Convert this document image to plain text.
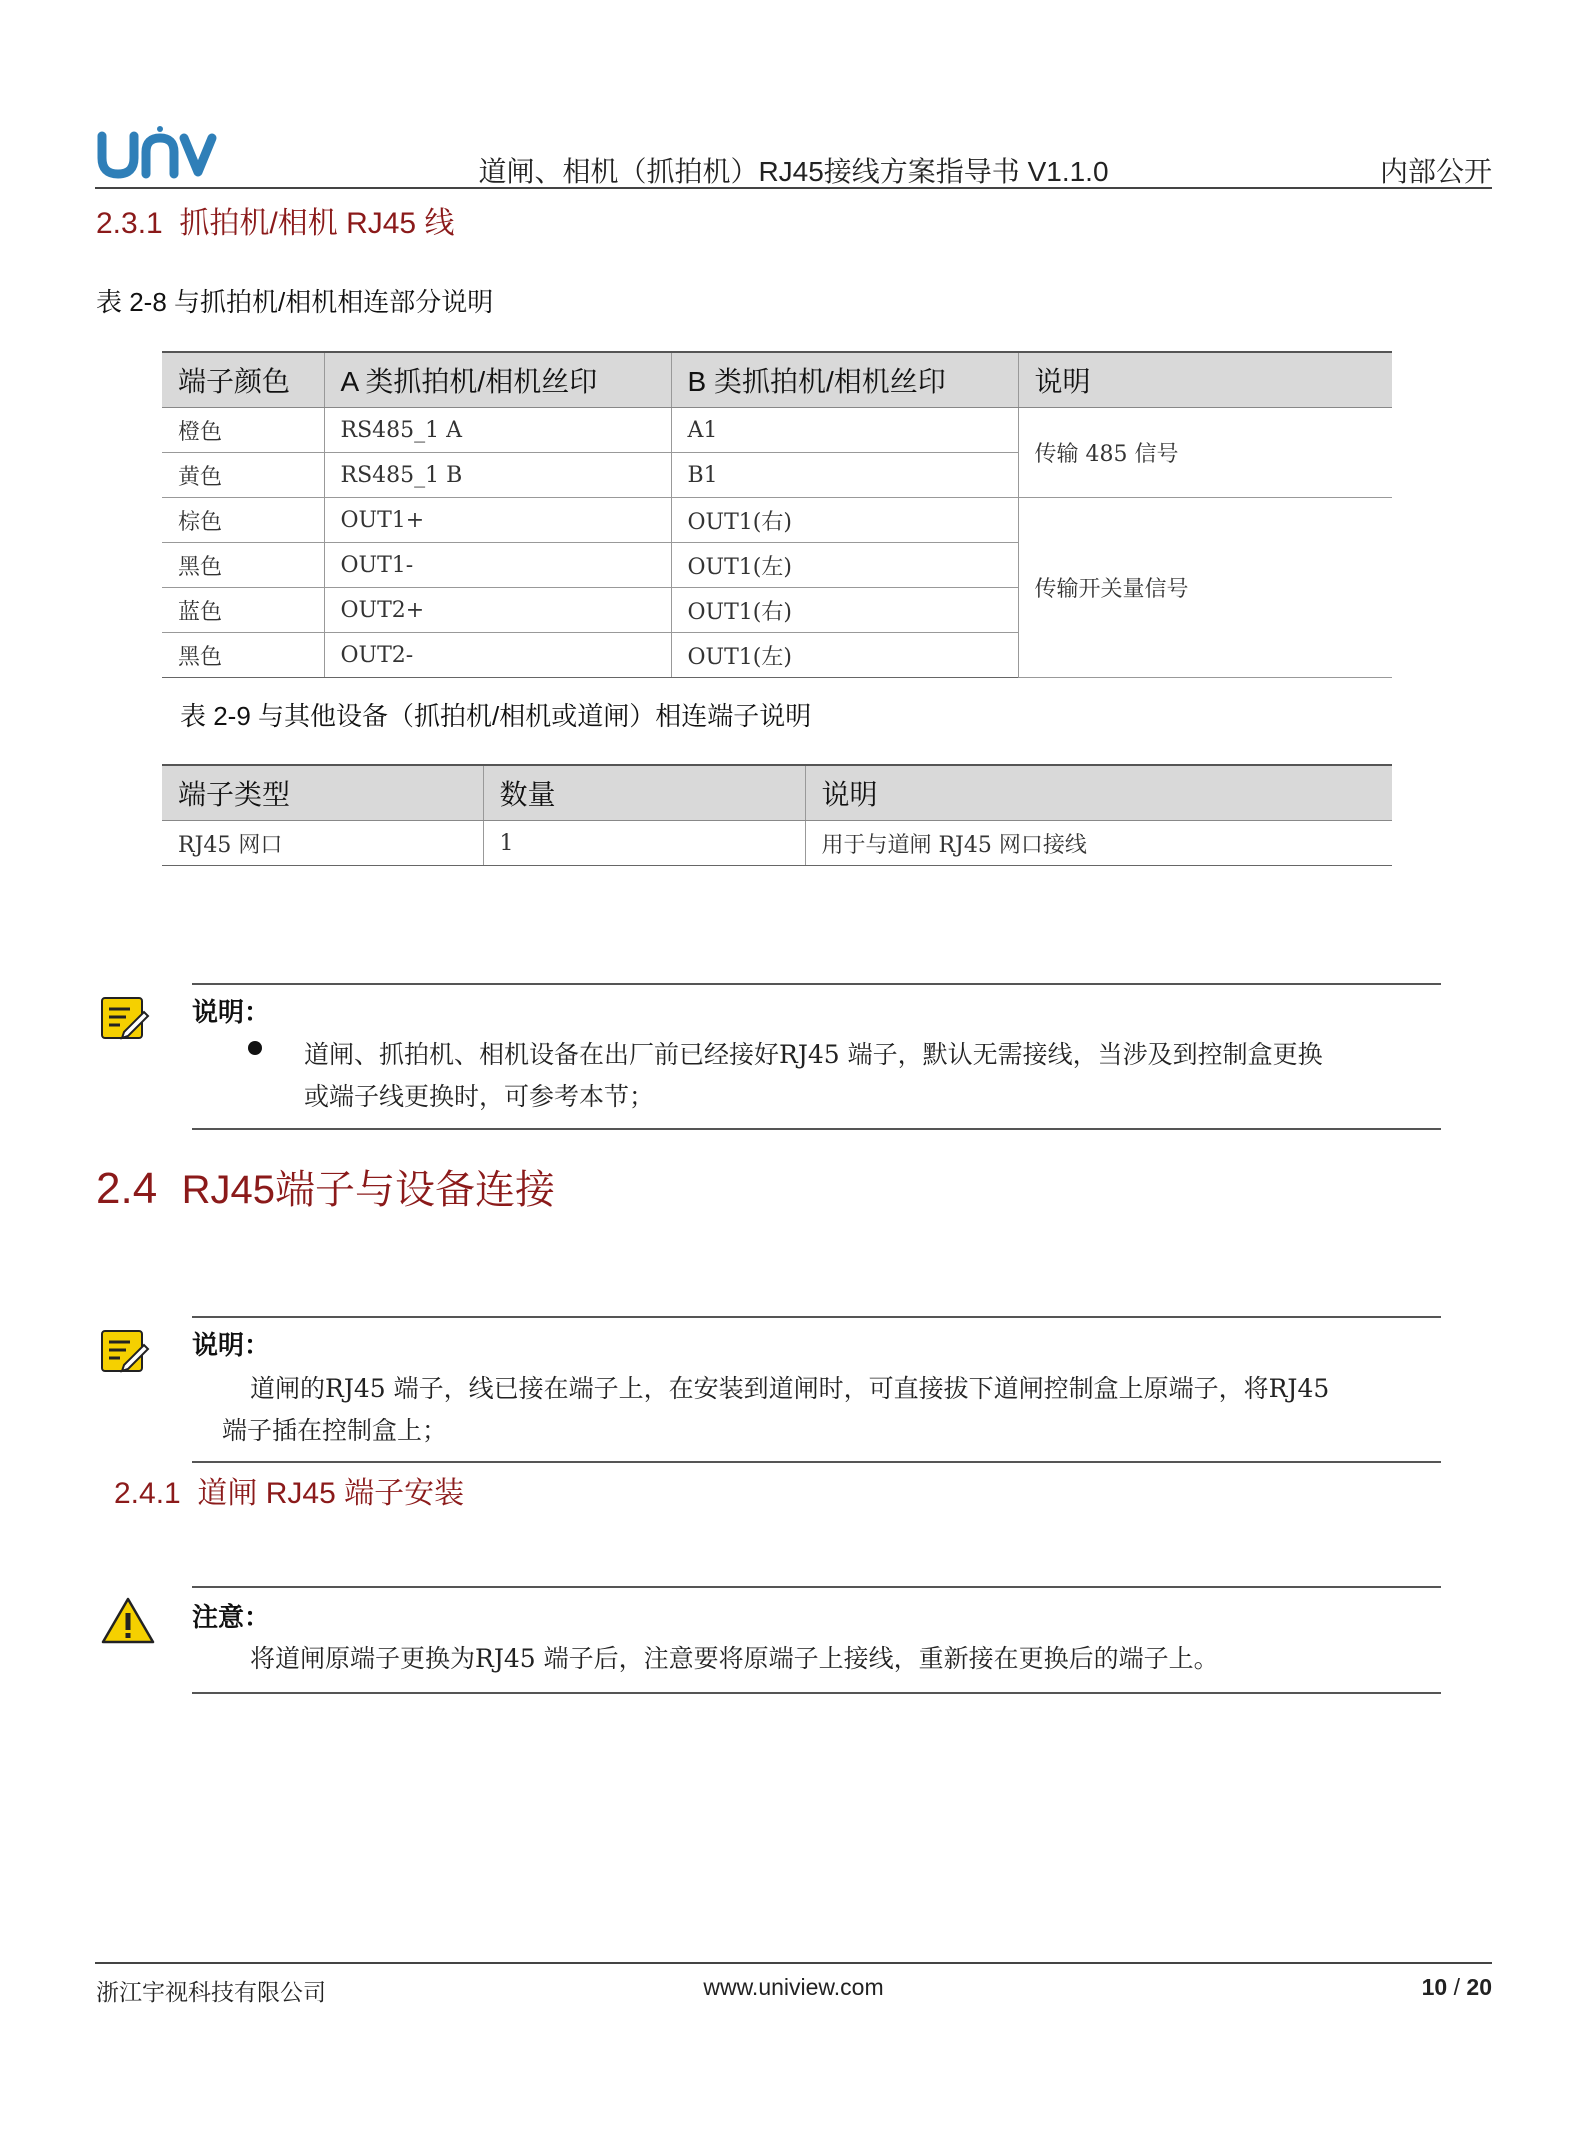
道闸、相机（抓拍机）RJ45接线方案指导书 V1.1.0	内部公开
2.3.1 抓拍机/相机 RJ45 线
表 2-8 与抓拍机/相机相连部分说明
端子颜色	A 类抓拍机/相机丝印	B 类抓拍机/相机丝印	说明
橙色	RS485_1 A	A1	传输 485 信号
黄色	RS485_1 B	B1	
棕色	OUT1+	OUT1(右)	传输开关量信号
黑色	OUT1-	OUT1(左)	
蓝色	OUT2+	OUT1(右)	
黑色	OUT2-	OUT1(左)	
表 2-9 与其他设备（抓拍机/相机或道闸）相连端子说明
端子类型	数量	说明
RJ45 网口	1	用于与道闸 RJ45 网口接线
说明：
道闸、抓拍机、相机设备在出厂前已经接好RJ45 端子，默认无需接线，当涉及到控制盒更换
或端子线更换时，可参考本节；
2.4 RJ45端子与设备连接
说明：
道闸的RJ45 端子，线已接在端子上，在安装到道闸时，可直接拔下道闸控制盒上原端子，将RJ45
端子插在控制盒上；
2.4.1 道闸 RJ45 端子安装
注意：
将道闸原端子更换为RJ45 端子后，注意要将原端子上接线，重新接在更换后的端子上。
浙江宇视科技有限公司	www.uniview.com	10 / 20
